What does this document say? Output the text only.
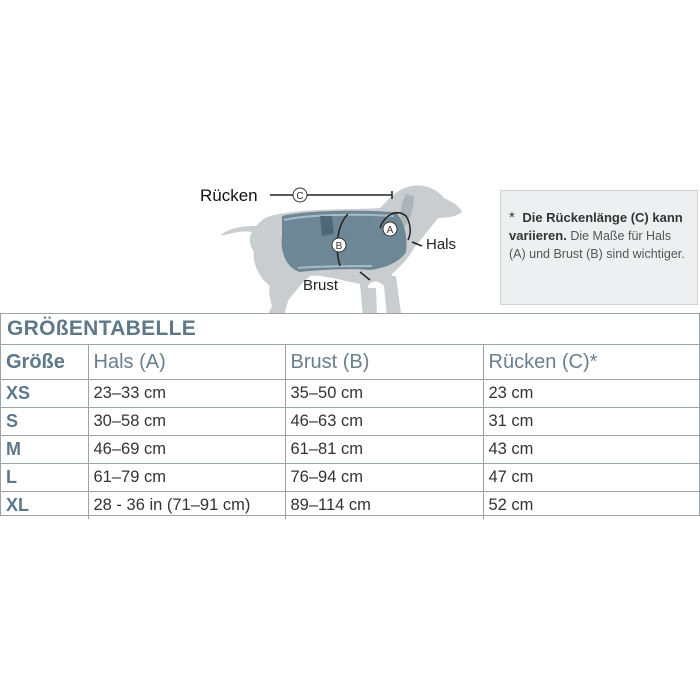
C
A
B
Rücken
Hals
Brust
* Die Rückenlänge (C) kann variieren. Die Maße für Hals (A) und Brust (B) sind wichtiger.
GRÖßENTABELLE
Größe	Hals (A)	Brust (B)	Rücken (C)*
XS	23–33 cm	35–50 cm	23 cm
S	30–58 cm	46–63 cm	31 cm
M	46–69 cm	61–81 cm	43 cm
L	61–79 cm	76–94 cm	47 cm
XL	28 - 36 in (71–91 cm)	89–114 cm	52 cm
